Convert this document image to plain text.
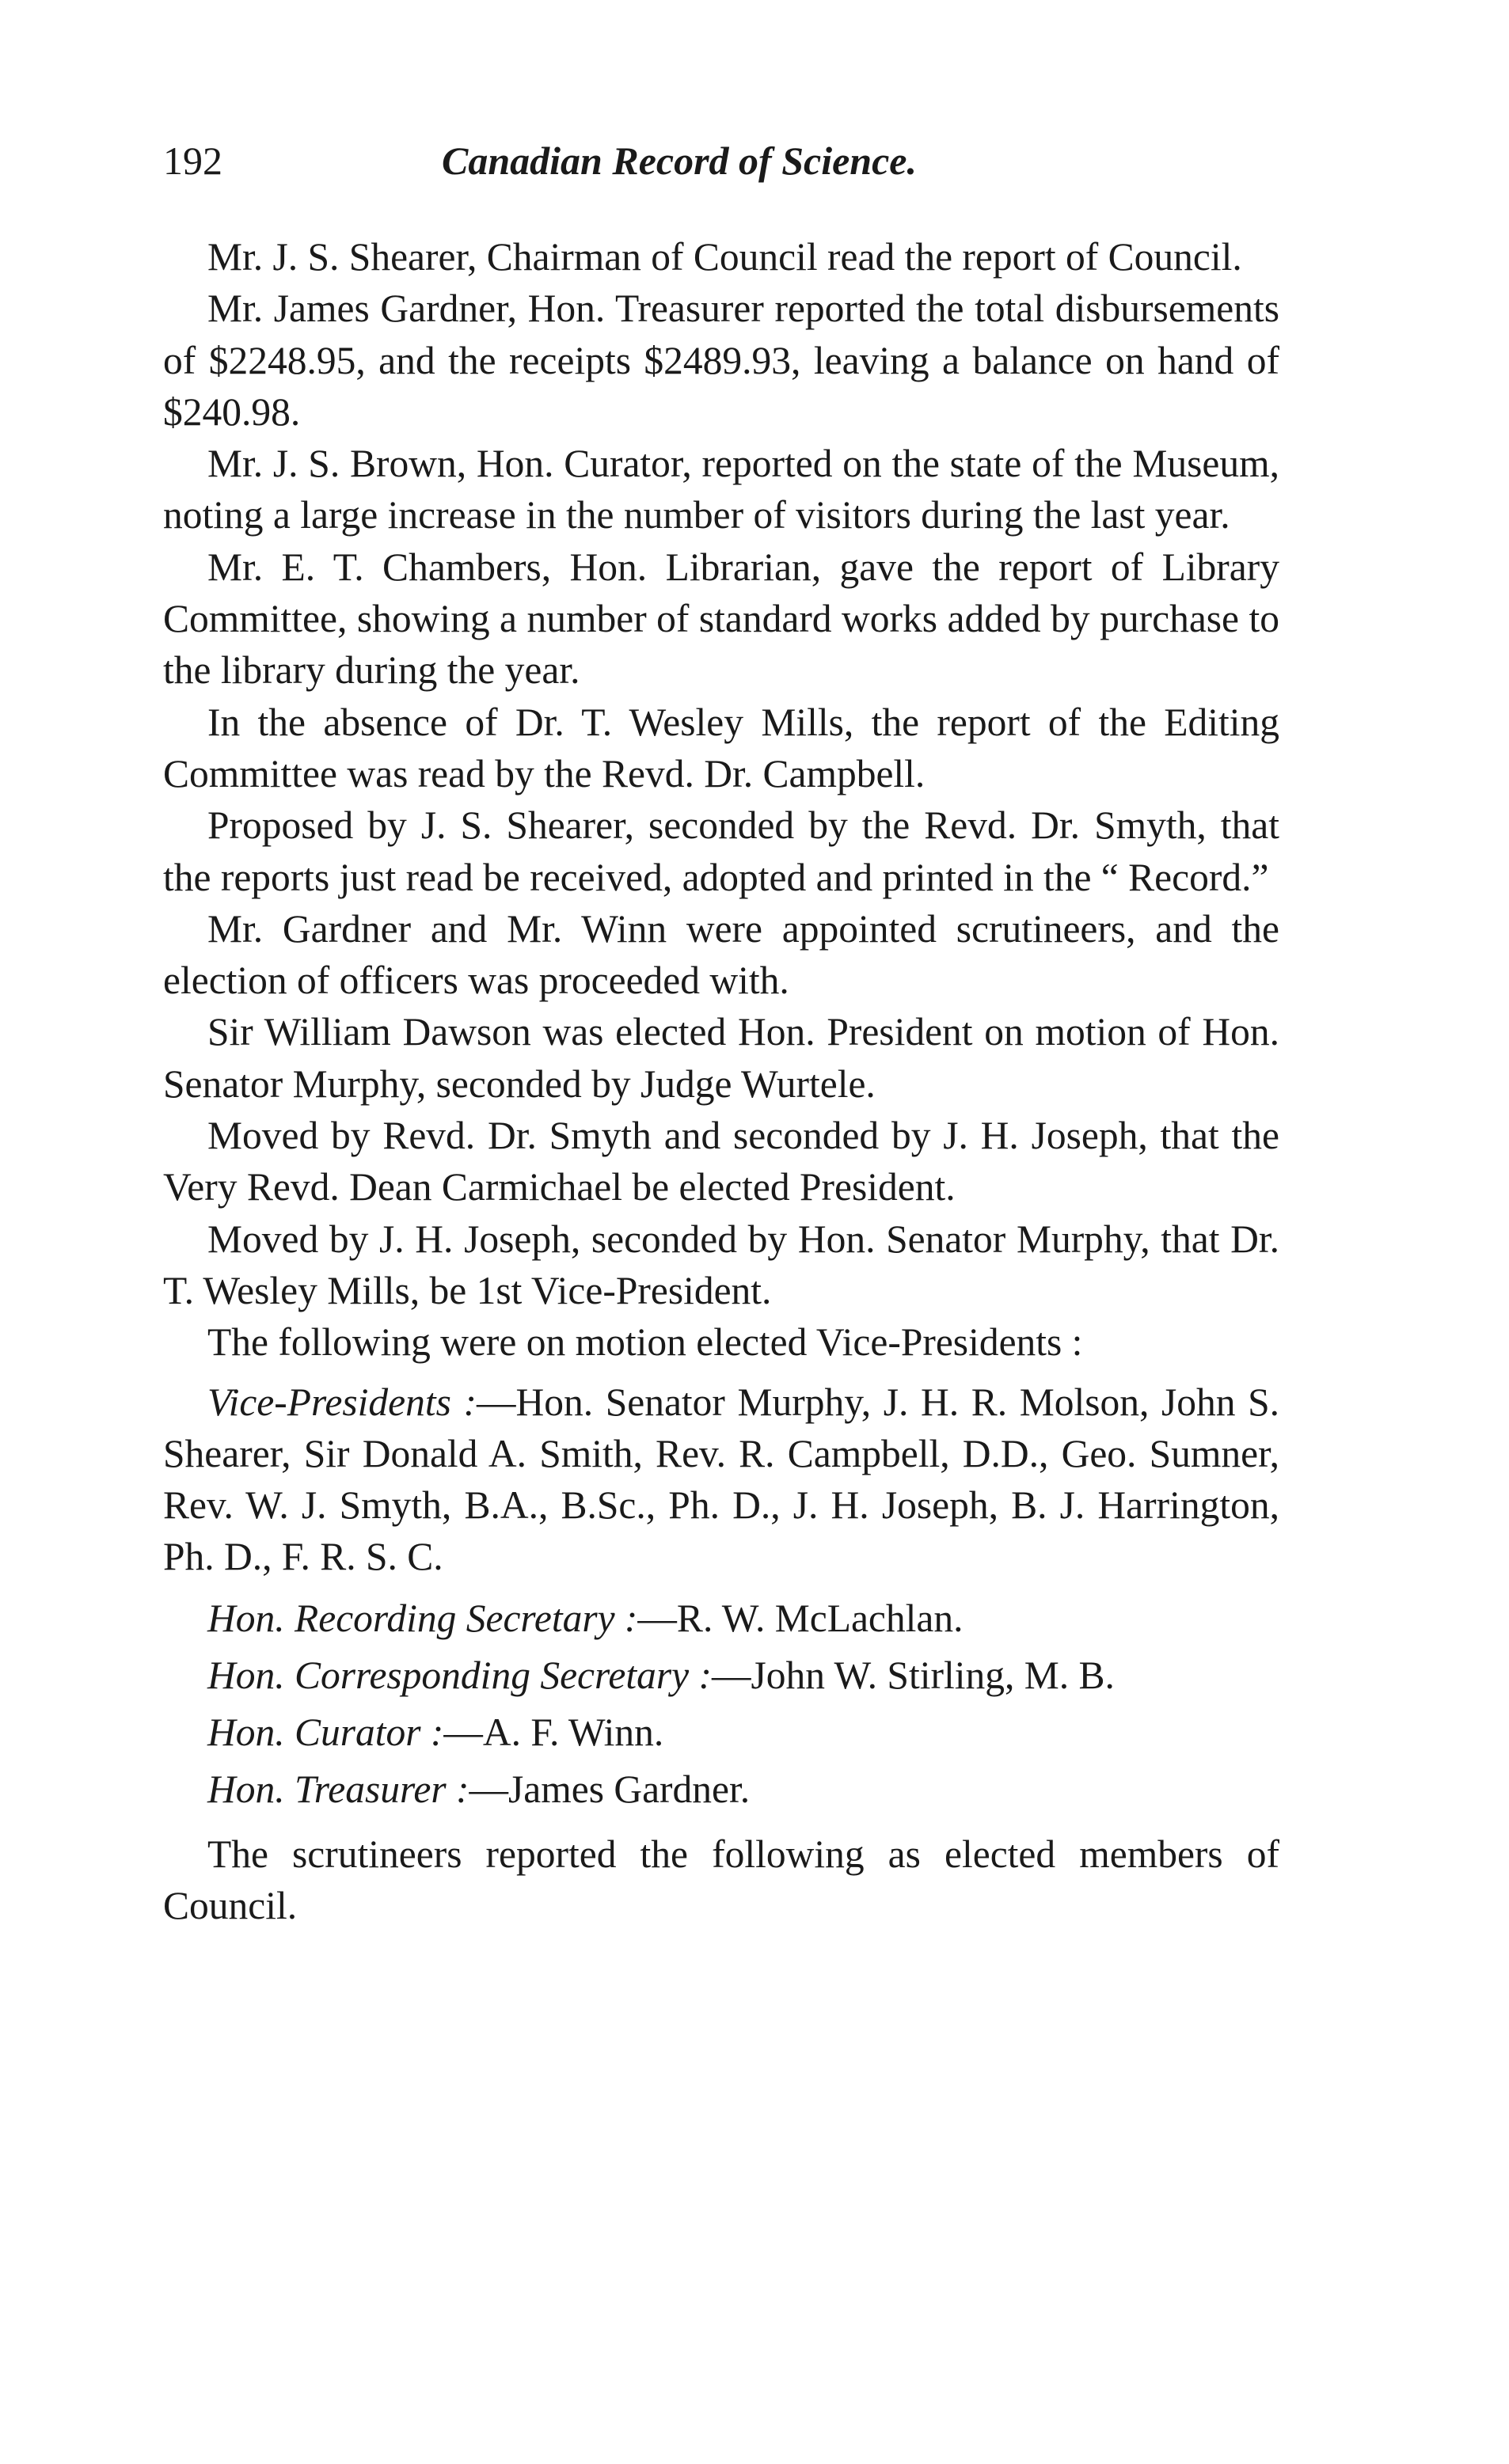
192	Canadian Record of Science.

Mr. J. S. Shearer, Chairman of Council read the report of Council.

Mr. James Gardner, Hon. Treasurer reported the total disbursements of $2248.95, and the receipts $2489.93, leaving a balance on hand of $240.98.

Mr. J. S. Brown, Hon. Curator, reported on the state of the Museum, noting a large increase in the number of visitors during the last year.

Mr. E. T. Chambers, Hon. Librarian, gave the report of Library Committee, showing a number of standard works added by purchase to the library during the year.

In the absence of Dr. T. Wesley Mills, the report of the Editing Committee was read by the Revd. Dr. Campbell.

Proposed by J. S. Shearer, seconded by the Revd. Dr. Smyth, that the reports just read be received, adopted and printed in the “ Record.”

Mr. Gardner and Mr. Winn were appointed scrutineers, and the election of officers was proceeded with.

Sir William Dawson was elected Hon. President on motion of Hon. Senator Murphy, seconded by Judge Wurtele.

Moved by Revd. Dr. Smyth and seconded by J. H. Joseph, that the Very Revd. Dean Carmichael be elected President.

Moved by J. H. Joseph, seconded by Hon. Senator Murphy, that Dr. T. Wesley Mills, be 1st Vice-President.

The following were on motion elected Vice-Presidents :

Vice-Presidents :—Hon. Senator Murphy, J. H. R. Molson, John S. Shearer, Sir Donald A. Smith, Rev. R. Campbell, D.D., Geo. Sumner, Rev. W. J. Smyth, B.A., B.Sc., Ph. D., J. H. Joseph, B. J. Harrington, Ph. D., F. R. S. C.

Hon. Recording Secretary :—R. W. McLachlan.

Hon. Corresponding Secretary :—John W. Stirling, M. B.

Hon. Curator :—A. F. Winn.

Hon. Treasurer :—James Gardner.

The scrutineers reported the following as elected members of Council.
